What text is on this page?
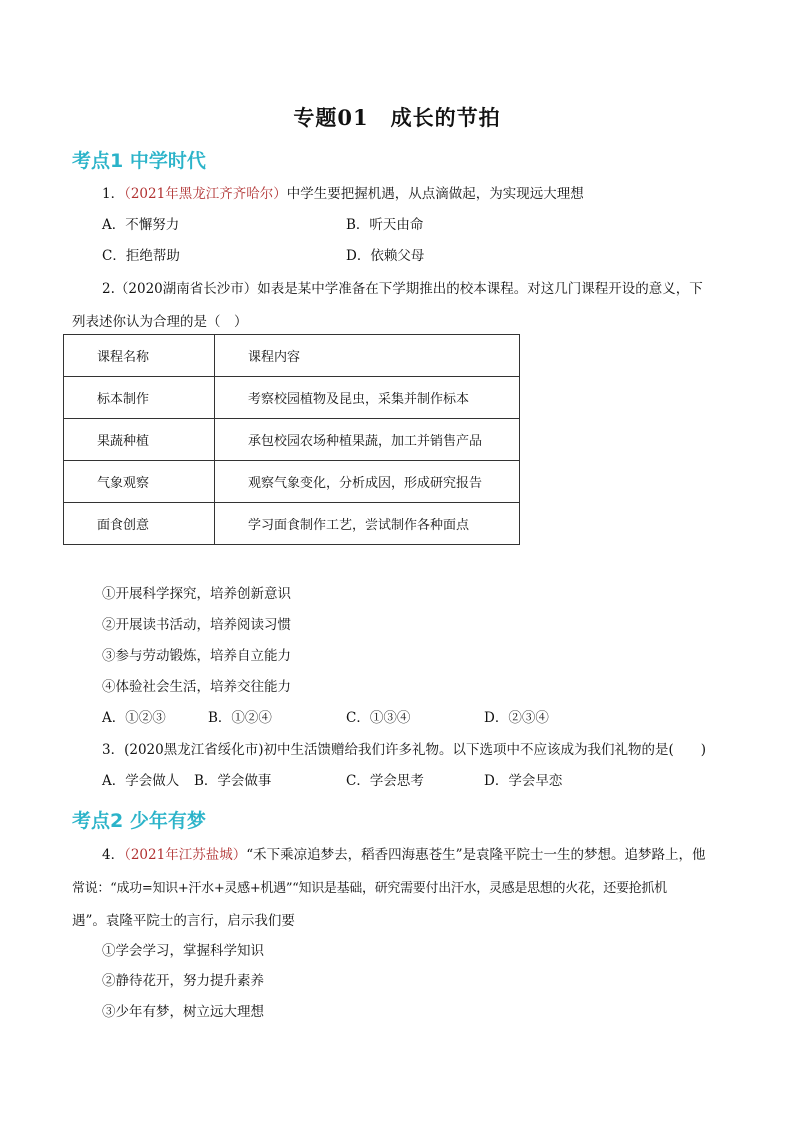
专题01　成长的节拍
考点1 中学时代
1．（2021年黑龙江齐齐哈尔）中学生要把握机遇，从点滴做起，为实现远大理想
A．不懈努力	B．听天由命
C．拒绝帮助	D．依赖父母
2.（2020湖南省长沙市）如表是某中学准备在下学期推出的校本课程。对这几门课程开设的意义，下
列表述你认为合理的是（　）
课程名称	课程内容
标本制作	考察校园植物及昆虫，采集并制作标本
果蔬种植	承包校园农场种植果蔬，加工并销售产品
气象观察	观察气象变化，分析成因，形成研究报告
面食创意	学习面食制作工艺，尝试制作各种面点
①开展科学探究，培养创新意识
②开展读书活动，培养阅读习惯
③参与劳动锻炼，培养自立能力
④体验社会生活，培养交往能力
A．①②③	B．①②④	C．①③④	D．②③④
3．(2020黑龙江省绥化市)初中生活馈赠给我们许多礼物。以下选项中不应该成为我们礼物的是(　　)
A．学会做人 B．学会做事	C．学会思考	D．学会早恋
考点2 少年有梦
4．（2021年江苏盐城）“禾下乘凉追梦去，稻香四海惠苍生”是袁隆平院士一生的梦想。追梦路上，他
常说：“成功=知识+汗水+灵感+机遇”“知识是基础，研究需要付出汗水，灵感是思想的火花，还要抢抓机
遇”。袁隆平院士的言行，启示我们要
①学会学习，掌握科学知识
②静待花开，努力提升素养
③少年有梦，树立远大理想
